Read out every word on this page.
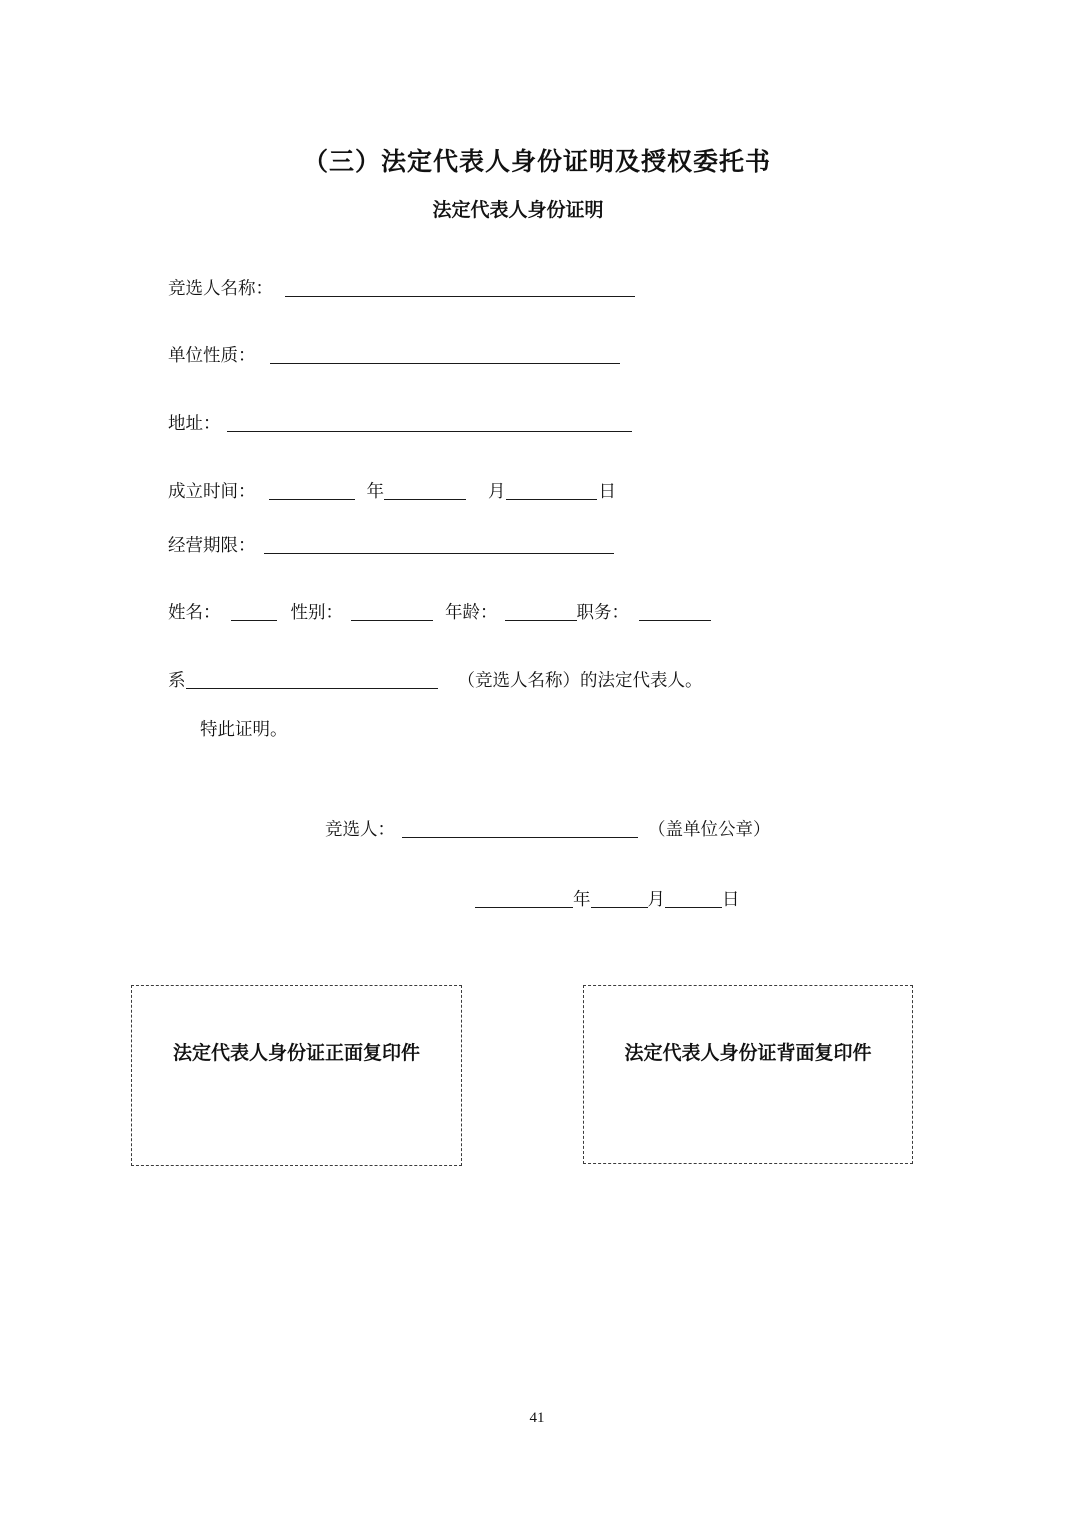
（三）法定代表人身份证明及授权委托书
法定代表人身份证明
竞选人名称：
单位性质：
地址：
成立时间：	年	月	日
经营期限：
姓名：	性别：	年龄：	职务：
系	（竞选人名称）的法定代表人。
特此证明。
竞选人：	（盖单位公章）
年	月	日
法定代表人身份证正面复印件	法定代表人身份证背面复印件
41
